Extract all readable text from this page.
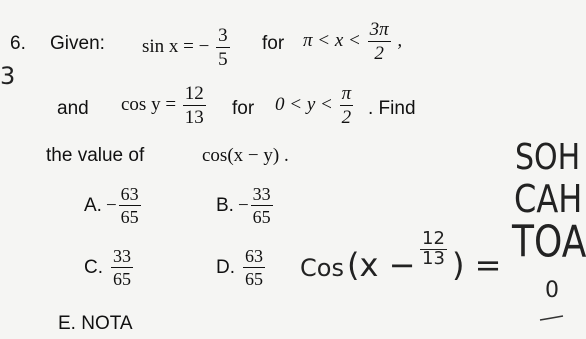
6. Given: sin x = − $\frac{3}{5}$ for $\pi < x < \frac{3\pi}{2}$ ,
and $\cos y = \frac{12}{13}$ for $0 < y < \frac{\pi}{2}$ . Find
the value of	cos(x − y) .
A. − $\frac{63}{65}$	B. − $\frac{33}{65}$
C. $\frac{33}{65}$	D. $\frac{63}{65}$
E. NOTA
3
SOH
CAH
TOA
Cos ($x - \frac{12}{13}$ ) =
0
